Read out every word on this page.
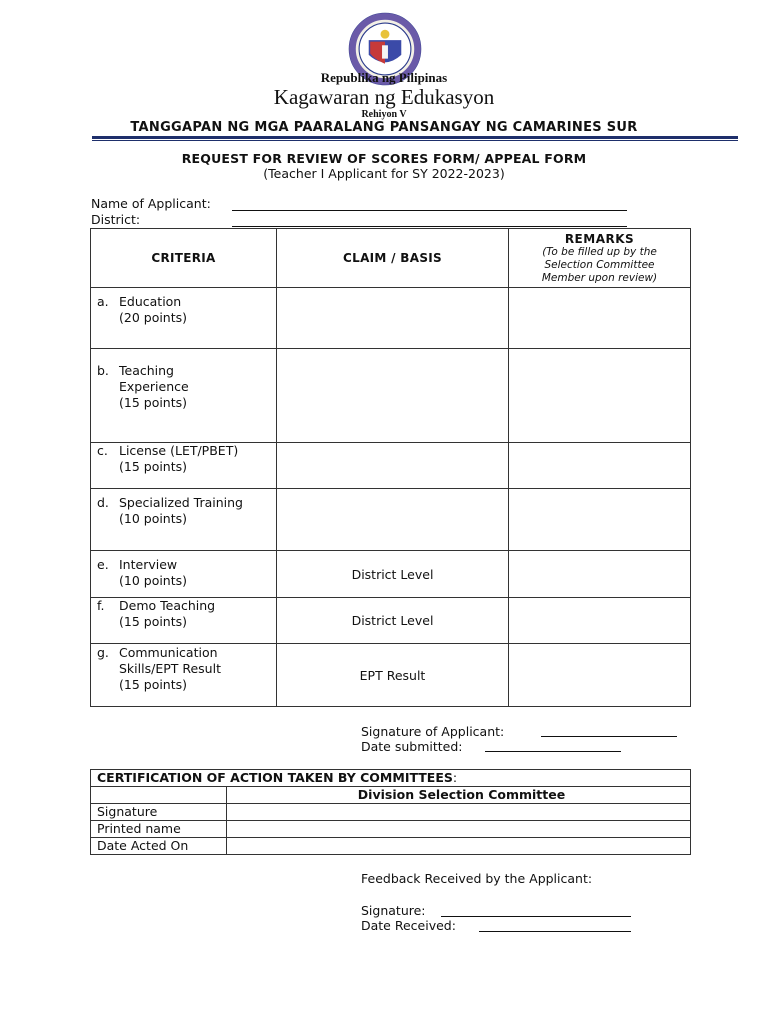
Republika ng Pilipinas
Kagawaran ng Edukasyon
Rehiyon V
TANGGAPAN NG MGA PAARALANG PANSANGAY NG CAMARINES SUR
REQUEST FOR REVIEW OF SCORES FORM/ APPEAL FORM
(Teacher I Applicant for SY 2022-2023)
Name of Applicant:
District:
CRITERIA	CLAIM / BASIS	REMARKS
(To be filled up by the
Selection Committee
Member upon review)

a. Education
(20 points)		

b. Teaching
Experience
(15 points)		

c. License (LET/PBET)
(15 points)		

d. Specialized Training
(10 points)		

e. Interview
(10 points)	District Level	

f. Demo Teaching
(15 points)	District Level	

g. Communication
Skills/EPT Result
(15 points)	EPT Result	
Signature of Applicant:
Date submitted:
CERTIFICATION OF ACTION TAKEN BY COMMITTEES:	
	Division Selection Committee
Signature	
Printed name	
Date Acted On	
Feedback Received by the Applicant:
Signature:
Date Received:
